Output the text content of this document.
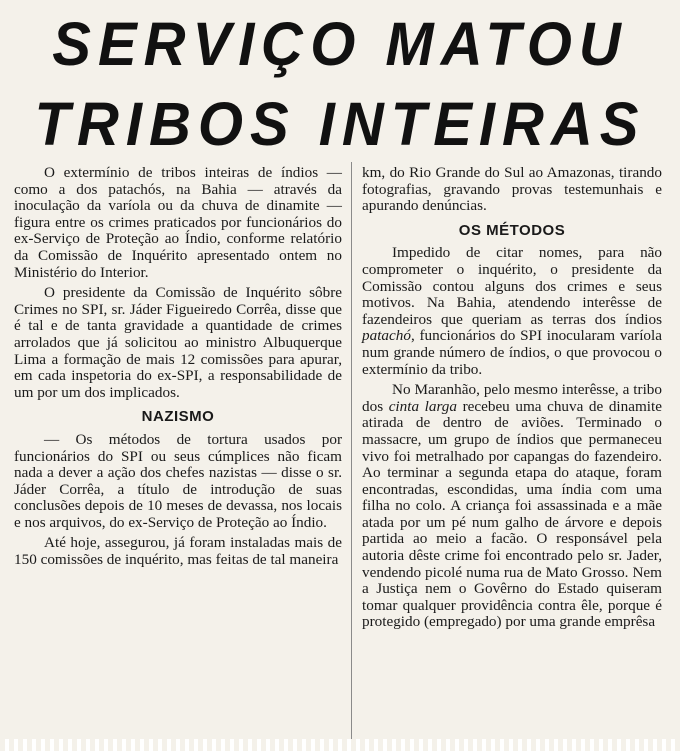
SERVIÇO MATOU
TRIBOS INTEIRAS

O extermínio de tribos inteiras de índios — como a dos patachós, na Bahia — através da inoculação da varíola ou da chuva de dinamite — figura entre os crimes praticados por funcionários do ex-Serviço de Proteção ao Índio, conforme relatório da Comissão de Inquérito apresentado ontem no Ministério do Interior.

O presidente da Comissão de Inquérito sôbre Crimes no SPI, sr. Jáder Figueiredo Corrêa, disse que é tal e de tanta gravidade a quantidade de crimes arrolados que já solicitou ao ministro Albuquerque Lima a formação de mais 12 comissões para apurar, em cada inspetoria do ex-SPI, a responsabilidade de um por um dos implicados.

NAZISMO

— Os métodos de tortura usados por funcionários do SPI ou seus cúmplices não ficam nada a dever a ação dos chefes nazistas — disse o sr. Jáder Corrêa, a título de introdução de suas conclusões depois de 10 meses de devassa, nos locais e nos arquivos, do ex-Serviço de Proteção ao Índio.

Até hoje, assegurou, já foram instaladas mais de 150 comissões de inquérito, mas feitas de tal maneira

km, do Rio Grande do Sul ao Amazonas, tirando fotografias, gravando provas testemunhais e apurando denúncias.

OS MÉTODOS

Impedido de citar nomes, para não comprometer o inquérito, o presidente da Comissão contou alguns dos crimes e seus motivos. Na Bahia, atendendo interêsse de fazendeiros que queriam as terras dos índios patachó, funcionários do SPI inocularam varíola num grande número de índios, o que provocou o extermínio da tribo.

No Maranhão, pelo mesmo interêsse, a tribo dos cinta larga recebeu uma chuva de dinamite atirada de dentro de aviões. Terminado o massacre, um grupo de índios que permaneceu vivo foi metralhado por capangas do fazendeiro. Ao terminar a segunda etapa do ataque, foram encontradas, escondidas, uma índia com uma filha no colo. A criança foi assassinada e a mãe atada por um pé num galho de árvore e depois partida ao meio a facão. O responsável pela autoria dêste crime foi encontrado pelo sr. Jader, vendendo picolé numa rua de Mato Grosso. Nem a Justiça nem o Govêrno do Estado quiseram tomar qualquer providência contra êle, porque é protegido (empregado) por uma grande emprêsa
